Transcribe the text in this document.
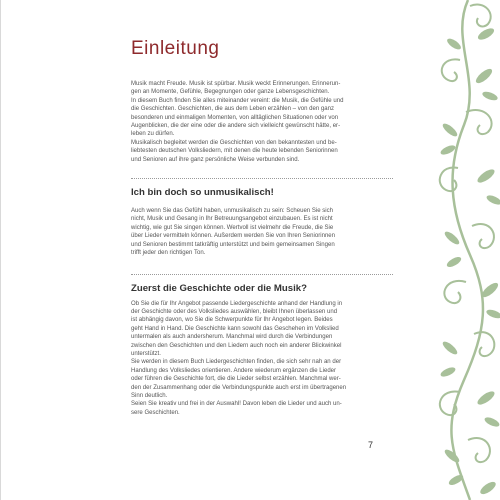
Einleitung

Musik macht Freude. Musik ist spürbar. Musik weckt Erinnerungen. Erinnerun-

gen an Momente, Gefühle, Begegnungen oder ganze Lebensgeschichten.

In diesem Buch finden Sie alles miteinander vereint: die Musik, die Gefühle und

die Geschichten. Geschichten, die aus dem Leben erzählen – von den ganz

besonderen und einmaligen Momenten, von alltäglichen Situationen oder von

Augenblicken, die der eine oder die andere sich vielleicht gewünscht hätte, er-

leben zu dürfen.

Musikalisch begleitet werden die Geschichten von den bekanntesten und be-

liebtesten deutschen Volksliedern, mit denen die heute lebenden Seniorinnen

und Senioren auf ihre ganz persönliche Weise verbunden sind.

Ich bin doch so unmusikalisch!

Auch wenn Sie das Gefühl haben, unmusikalisch zu sein: Scheuen Sie sich

nicht, Musik und Gesang in Ihr Betreuungsangebot einzubauen. Es ist nicht

wichtig, wie gut Sie singen können. Wertvoll ist vielmehr die Freude, die Sie

über Lieder vermitteln können. Außerdem werden Sie von Ihren Seniorinnen

und Senioren bestimmt tatkräftig unterstützt und beim gemeinsamen Singen

trifft jeder den richtigen Ton.

Zuerst die Geschichte oder die Musik?

Ob Sie die für Ihr Angebot passende Liedergeschichte anhand der Handlung in

der Geschichte oder des Volksliedes auswählen, bleibt Ihnen überlassen und

ist abhängig davon, wo Sie die Schwerpunkte für Ihr Angebot legen. Beides

geht Hand in Hand. Die Geschichte kann sowohl das Geschehen im Volkslied

untermalen als auch andersherum. Manchmal wird durch die Verbindungen

zwischen den Geschichten und den Liedern auch noch ein anderer Blickwinkel

unterstützt.

Sie werden in diesem Buch Liedergeschichten finden, die sich sehr nah an der

Handlung des Volksliedes orientieren. Andere wiederum ergänzen die Lieder

oder führen die Geschichte fort, die die Lieder selbst erzählen. Manchmal wer-

den der Zusammenhang oder die Verbindungspunkte auch erst im übertragenen

Sinn deutlich.

Seien Sie kreativ und frei in der Auswahl! Davon leben die Lieder und auch un-

sere Geschichten.

7
